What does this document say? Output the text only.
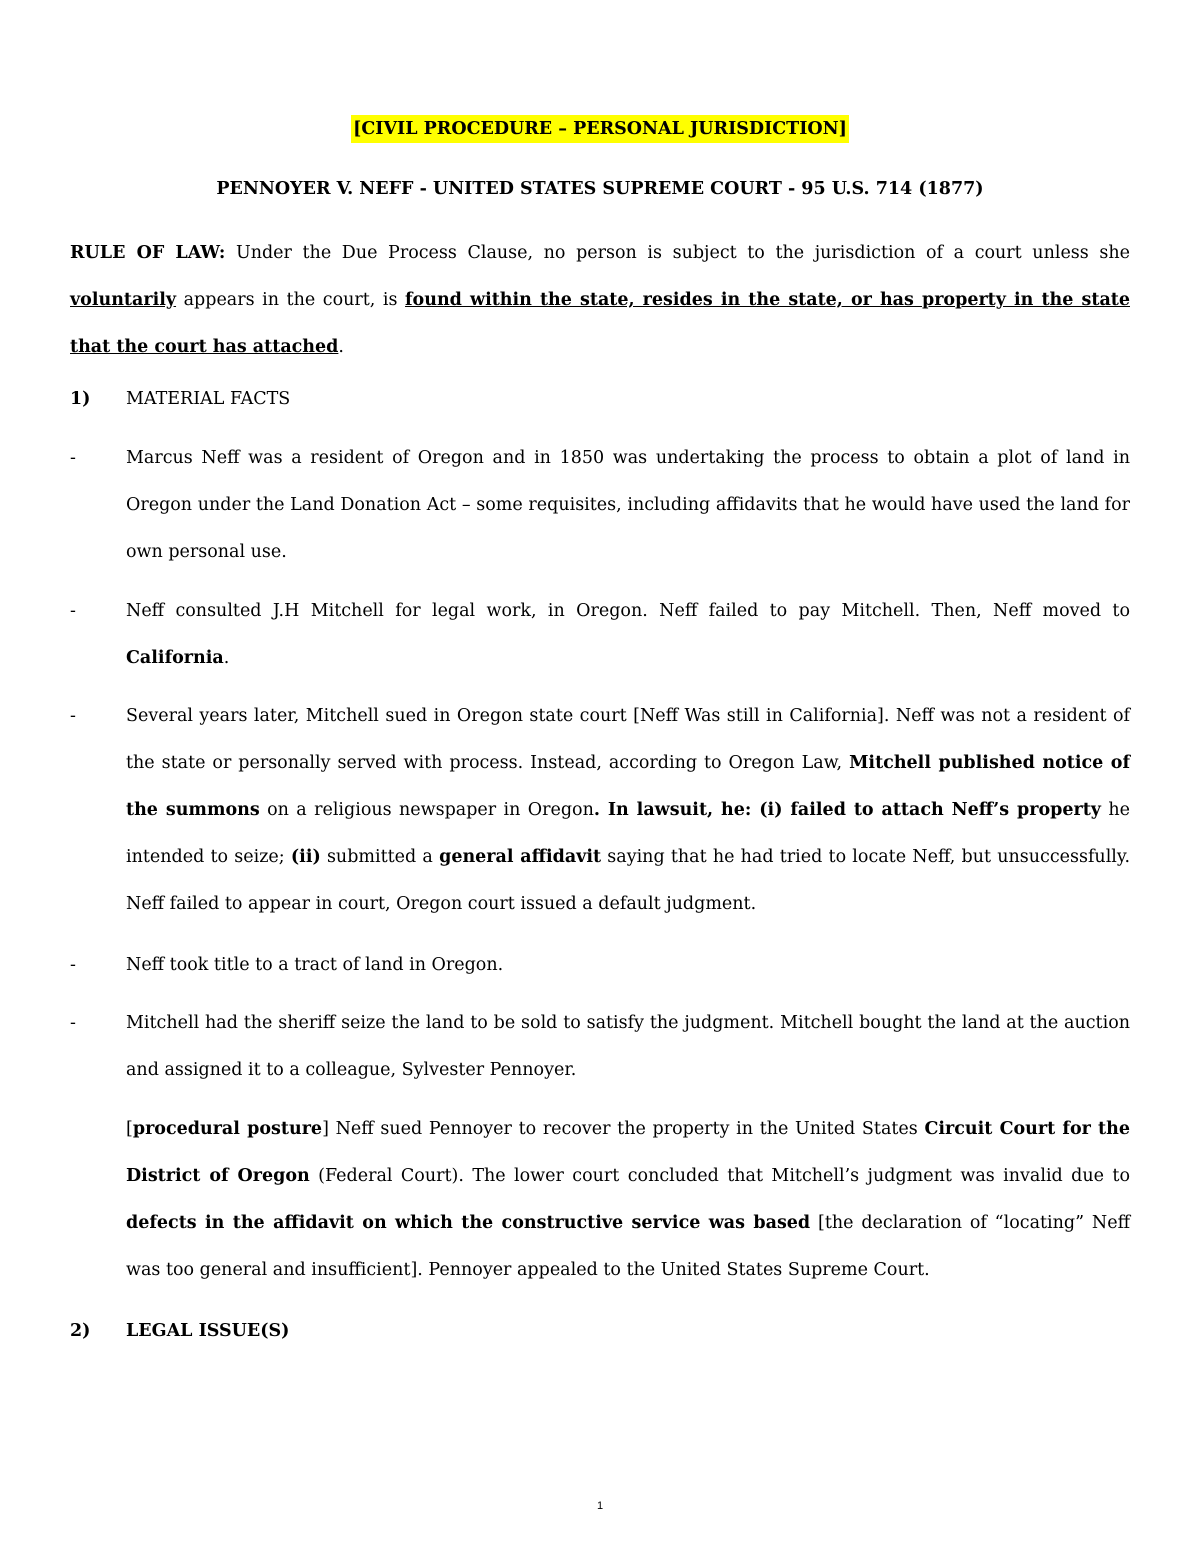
[CIVIL PROCEDURE – PERSONAL JURISDICTION]
PENNOYER V. NEFF - UNITED STATES SUPREME COURT - 95 U.S. 714 (1877)

RULE OF LAW: Under the Due Process Clause, no person is subject to the jurisdiction of a court unless she voluntarily appears in the court, is found within the state, resides in the state, or has property in the state that the court has attached.

1) MATERIAL FACTS

-	Marcus Neff was a resident of Oregon and in 1850 was undertaking the process to obtain a plot of land in Oregon under the Land Donation Act – some requisites, including affidavits that he would have used the land for own personal use.
-	Neff consulted J.H Mitchell for legal work, in Oregon. Neff failed to pay Mitchell. Then, Neff moved to California.
-	Several years later, Mitchell sued in Oregon state court [Neff Was still in California]. Neff was not a resident of the state or personally served with process. Instead, according to Oregon Law, Mitchell published notice of the summons on a religious newspaper in Oregon. In lawsuit, he: (i) failed to attach Neff’s property he intended to seize; (ii) submitted a general affidavit saying that he had tried to locate Neff, but unsuccessfully. Neff failed to appear in court, Oregon court issued a default judgment.
-	Neff took title to a tract of land in Oregon.
-	Mitchell had the sheriff seize the land to be sold to satisfy the judgment. Mitchell bought the land at the auction and assigned it to a colleague, Sylvester Pennoyer.

[procedural posture] Neff sued Pennoyer to recover the property in the United States Circuit Court for the District of Oregon (Federal Court). The lower court concluded that Mitchell’s judgment was invalid due to defects in the affidavit on which the constructive service was based [the declaration of “locating” Neff was too general and insufficient]. Pennoyer appealed to the United States Supreme Court.

2) LEGAL ISSUE(S)

1
